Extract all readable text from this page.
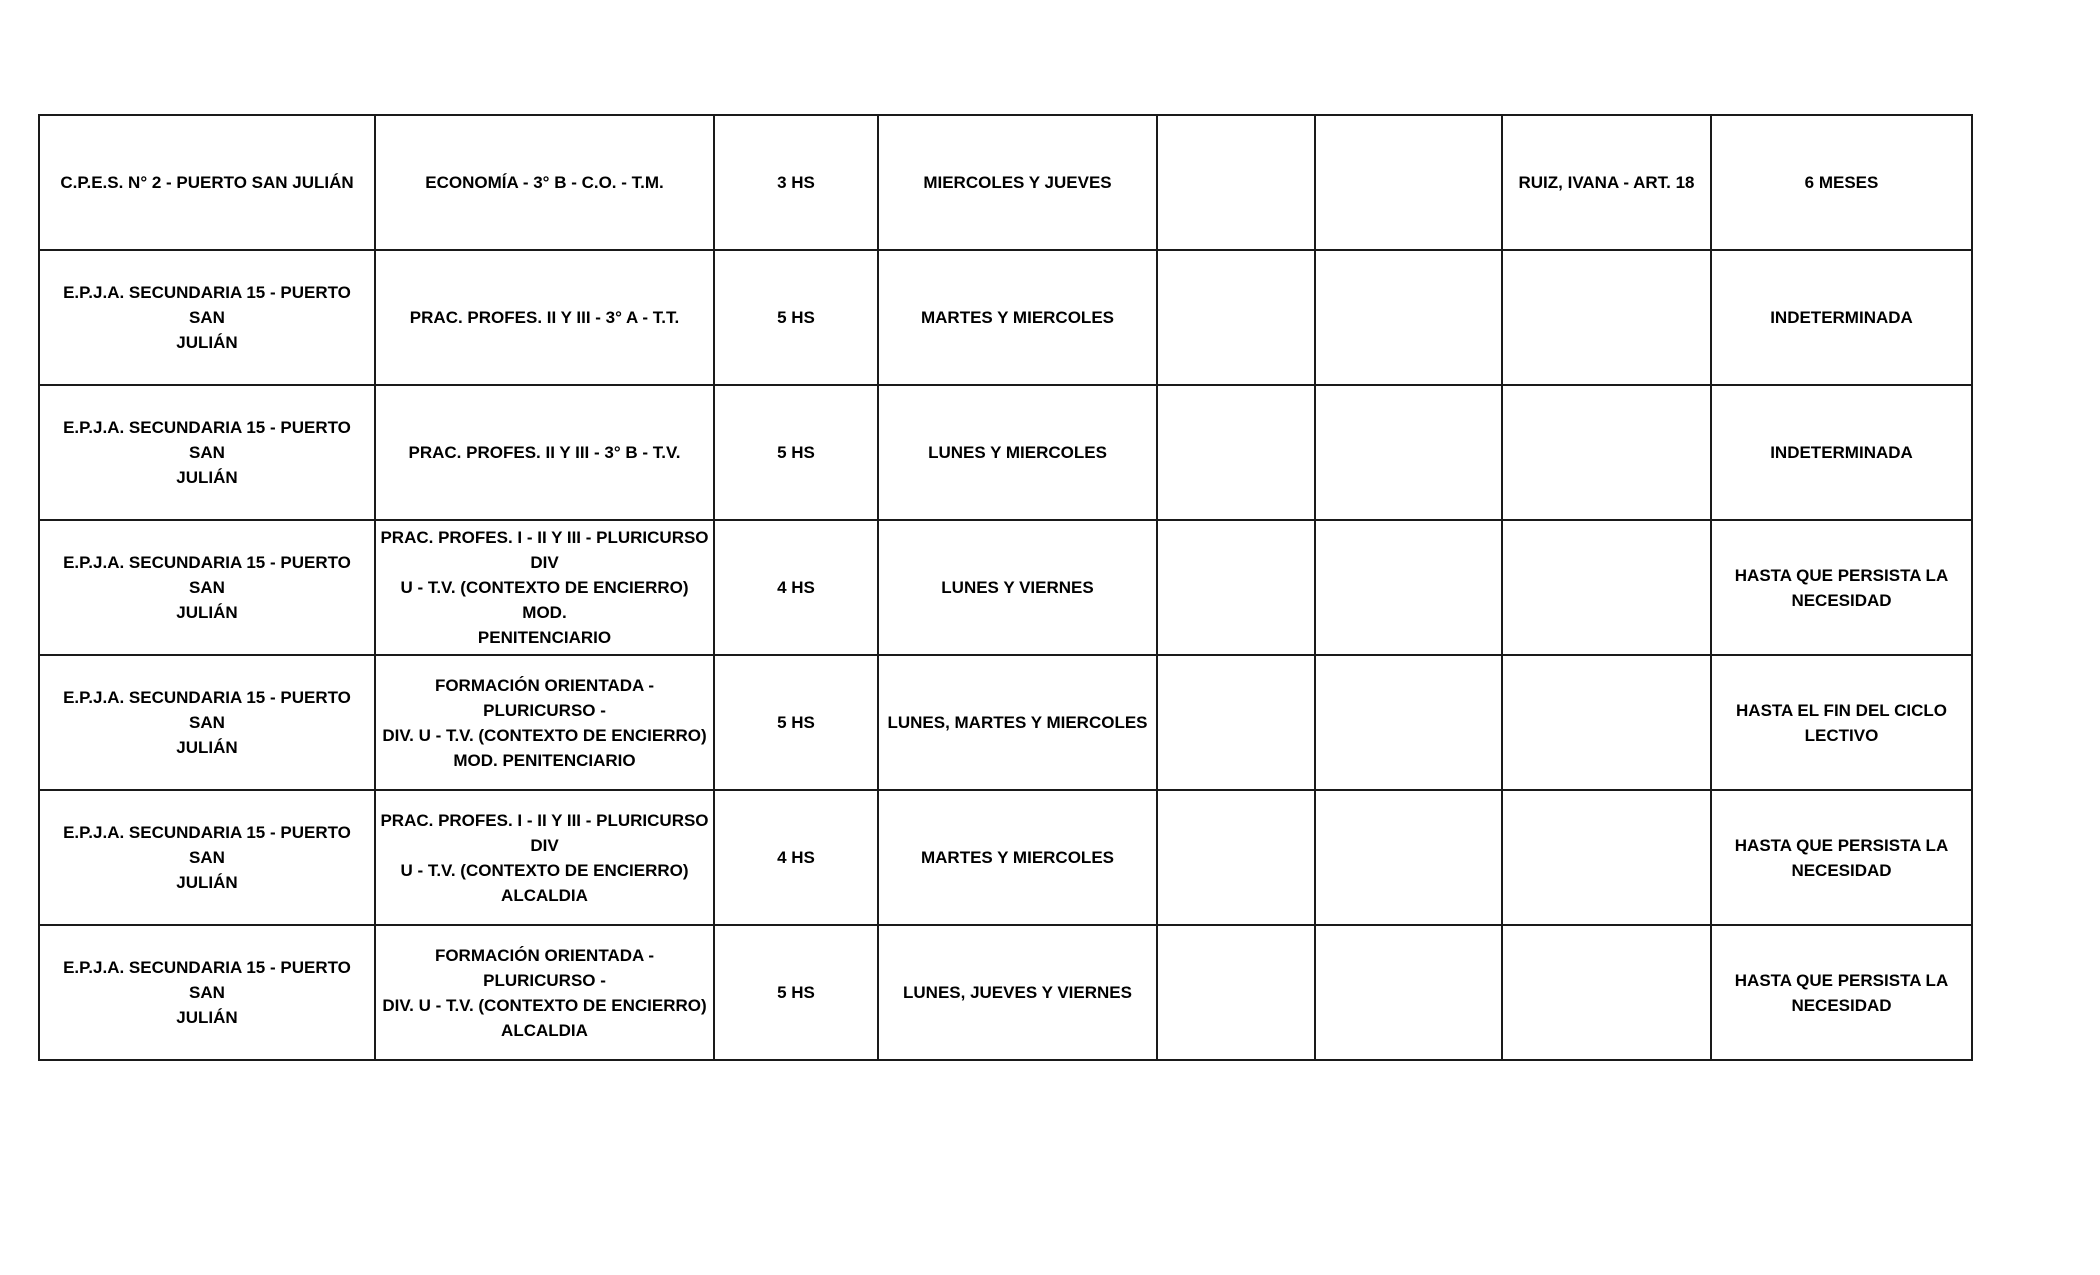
C.P.E.S. N° 2 - PUERTO SAN JULIÁN	ECONOMÍA - 3° B - C.O. - T.M.	3 HS	MIERCOLES Y JUEVES			RUIZ, IVANA - ART. 18	6 MESES
E.P.J.A. SECUNDARIA 15 - PUERTO SAN
JULIÁN	PRAC. PROFES. II Y III - 3° A - T.T.	5 HS	MARTES Y MIERCOLES				INDETERMINADA
E.P.J.A. SECUNDARIA 15 - PUERTO SAN
JULIÁN	PRAC. PROFES. II Y III - 3° B - T.V.	5 HS	LUNES Y MIERCOLES				INDETERMINADA
E.P.J.A. SECUNDARIA 15 - PUERTO SAN
JULIÁN	PRAC. PROFES. I - II Y III - PLURICURSO DIV
U - T.V. (CONTEXTO DE ENCIERRO) MOD.
PENITENCIARIO	4 HS	LUNES Y VIERNES				HASTA QUE PERSISTA LA
NECESIDAD
E.P.J.A. SECUNDARIA 15 - PUERTO SAN
JULIÁN	FORMACIÓN ORIENTADA - PLURICURSO -
DIV. U - T.V. (CONTEXTO DE ENCIERRO)
MOD. PENITENCIARIO	5 HS	LUNES, MARTES Y MIERCOLES				HASTA EL FIN DEL CICLO
LECTIVO
E.P.J.A. SECUNDARIA 15 - PUERTO SAN
JULIÁN	PRAC. PROFES. I - II Y III - PLURICURSO DIV
U - T.V. (CONTEXTO DE ENCIERRO)
ALCALDIA	4 HS	MARTES Y MIERCOLES				HASTA QUE PERSISTA LA
NECESIDAD
E.P.J.A. SECUNDARIA 15 - PUERTO SAN
JULIÁN	FORMACIÓN ORIENTADA - PLURICURSO -
DIV. U - T.V. (CONTEXTO DE ENCIERRO)
ALCALDIA	5 HS	LUNES, JUEVES Y VIERNES				HASTA QUE PERSISTA LA
NECESIDAD
